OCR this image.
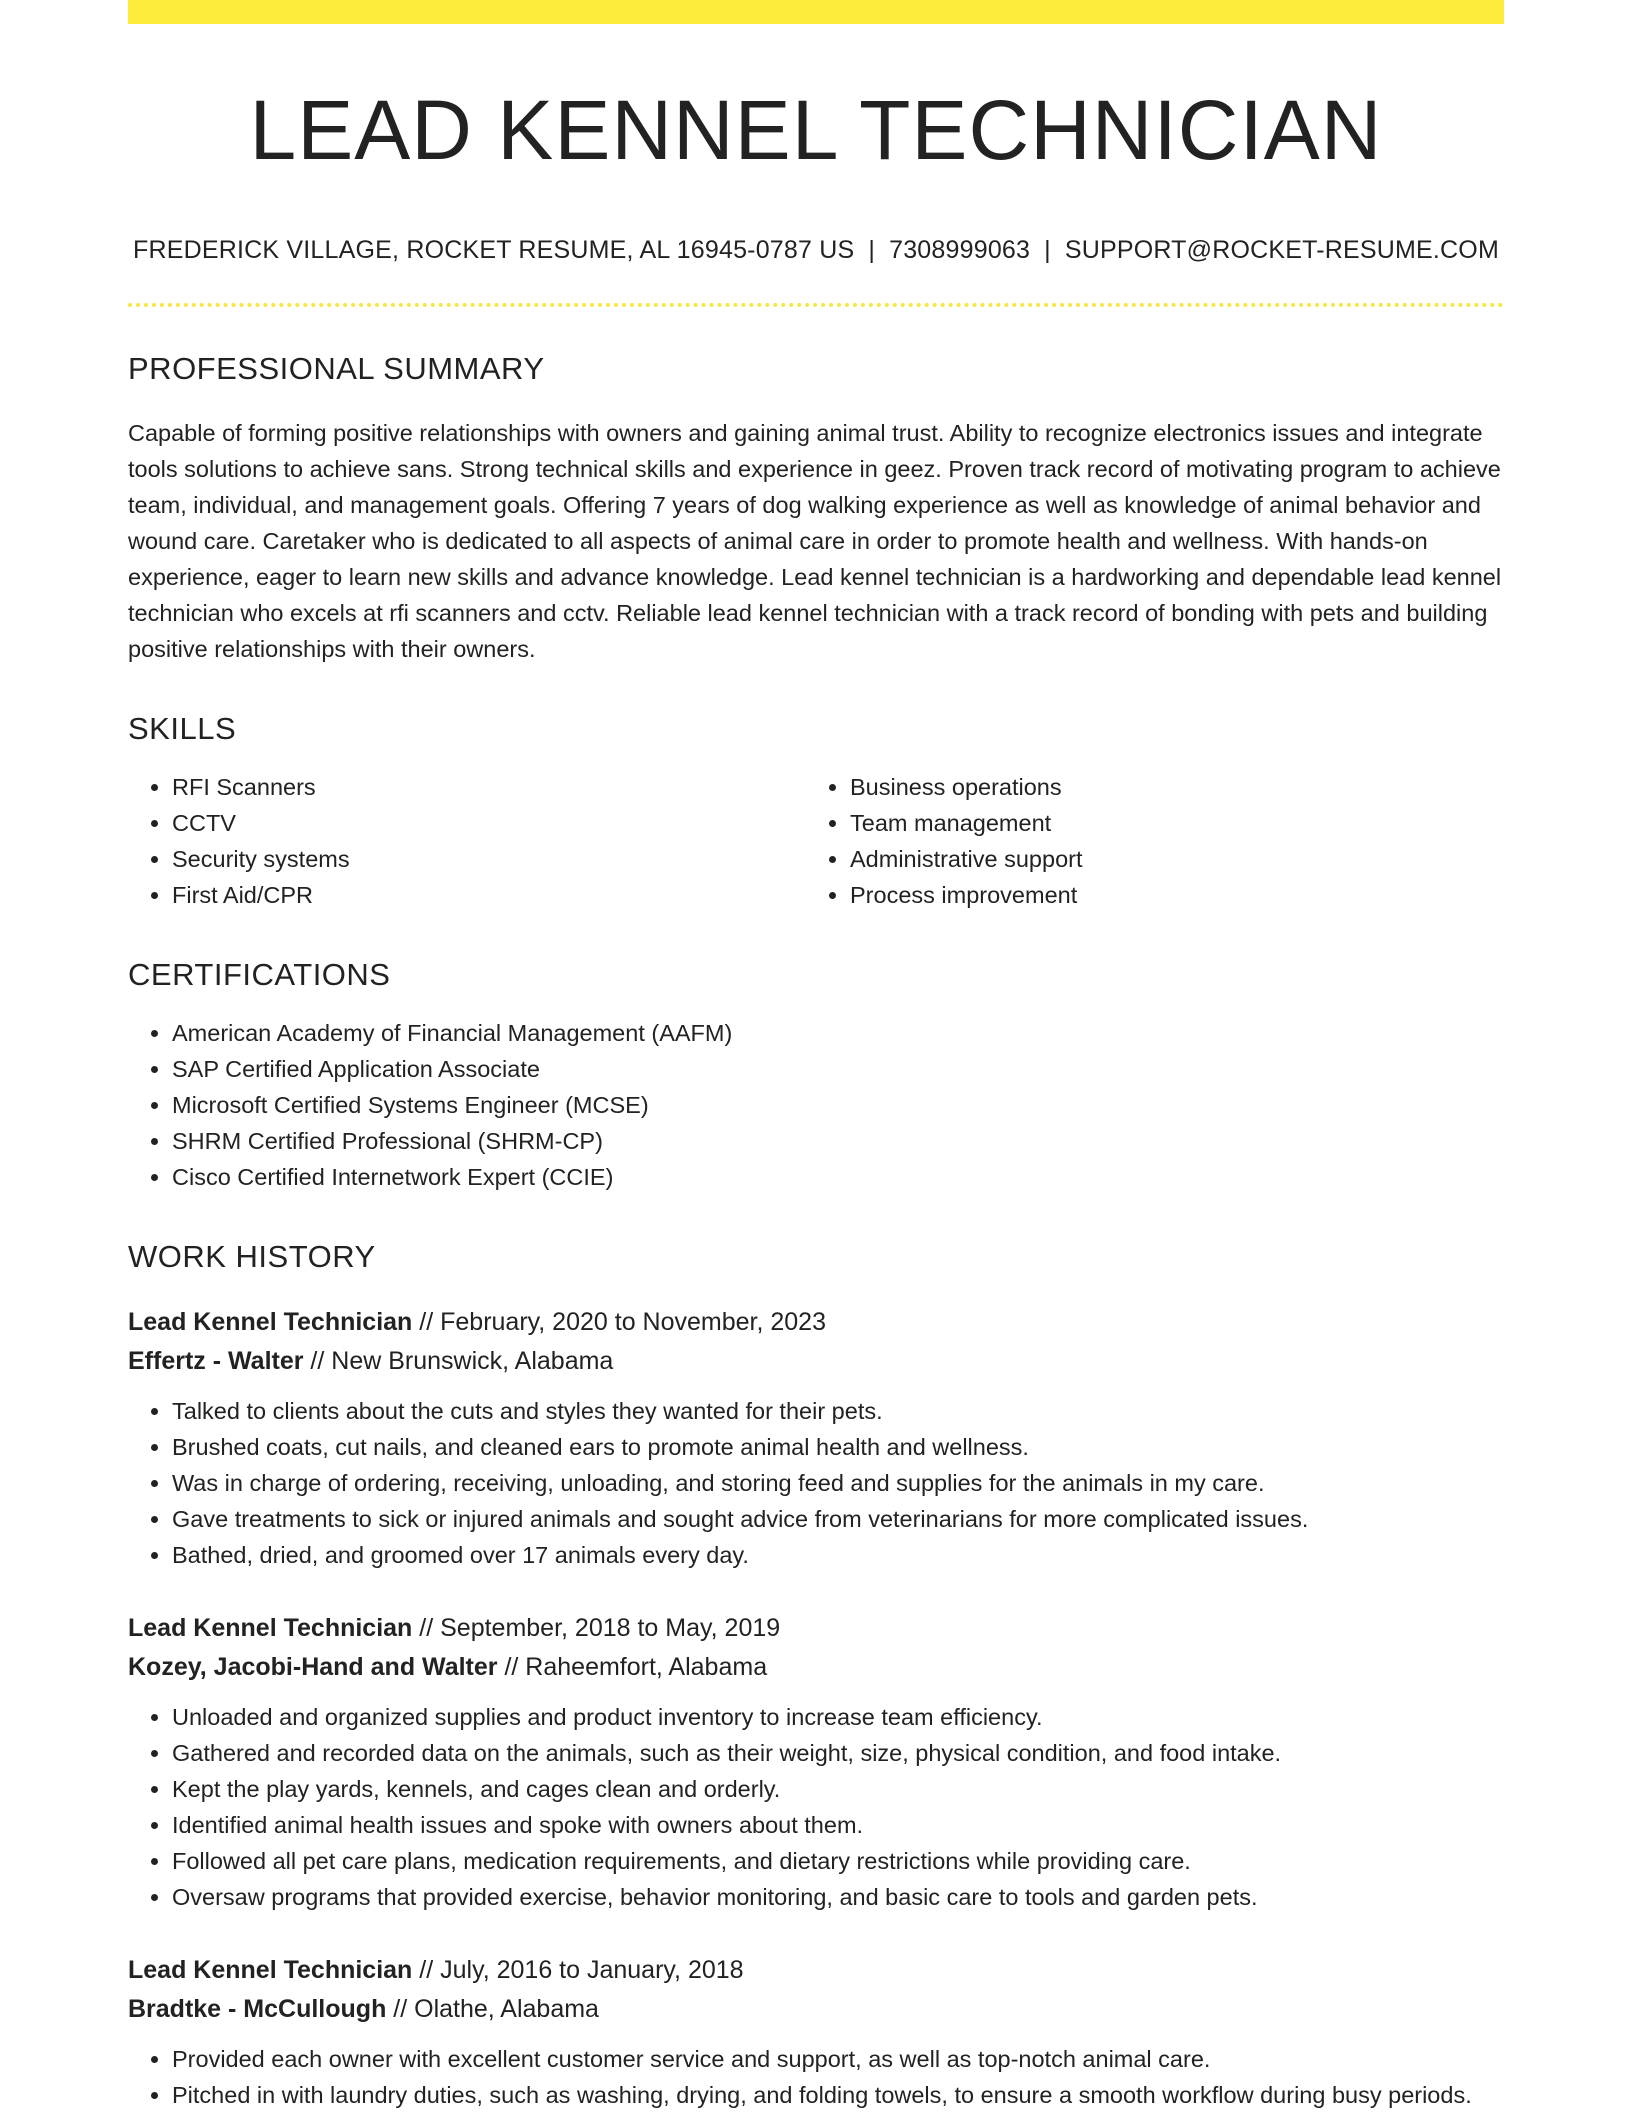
LEAD KENNEL TECHNICIAN
FREDERICK VILLAGE, ROCKET RESUME, AL 16945-0787 US | 7308999063 | SUPPORT@ROCKET-RESUME.COM
PROFESSIONAL SUMMARY

Capable of forming positive relationships with owners and gaining animal trust. Ability to recognize electronics issues and integrate tools solutions to achieve sans. Strong technical skills and experience in geez. Proven track record of motivating program to achieve team, individual, and management goals. Offering 7 years of dog walking experience as well as knowledge of animal behavior and wound care. Caretaker who is dedicated to all aspects of animal care in order to promote health and wellness. With hands-on experience, eager to learn new skills and advance knowledge. Lead kennel technician is a hardworking and dependable lead kennel technician who excels at rfi scanners and cctv. Reliable lead kennel technician with a track record of bonding with pets and building positive relationships with their owners.

SKILLS
• RFI Scanners
• CCTV
• Security systems
• First Aid/CPR
• Business operations
• Team management
• Administrative support
• Process improvement
CERTIFICATIONS
• American Academy of Financial Management (AAFM)
• SAP Certified Application Associate
• Microsoft Certified Systems Engineer (MCSE)
• SHRM Certified Professional (SHRM-CP)
• Cisco Certified Internetwork Expert (CCIE)
WORK HISTORY
Lead Kennel Technician // February, 2020 to November, 2023
Effertz - Walter // New Brunswick, Alabama
• Talked to clients about the cuts and styles they wanted for their pets.
• Brushed coats, cut nails, and cleaned ears to promote animal health and wellness.
• Was in charge of ordering, receiving, unloading, and storing feed and supplies for the animals in my care.
• Gave treatments to sick or injured animals and sought advice from veterinarians for more complicated issues.
• Bathed, dried, and groomed over 17 animals every day.
Lead Kennel Technician // September, 2018 to May, 2019
Kozey, Jacobi-Hand and Walter // Raheemfort, Alabama
• Unloaded and organized supplies and product inventory to increase team efficiency.
• Gathered and recorded data on the animals, such as their weight, size, physical condition, and food intake.
• Kept the play yards, kennels, and cages clean and orderly.
• Identified animal health issues and spoke with owners about them.
• Followed all pet care plans, medication requirements, and dietary restrictions while providing care.
• Oversaw programs that provided exercise, behavior monitoring, and basic care to tools and garden pets.
Lead Kennel Technician // July, 2016 to January, 2018
Bradtke - McCullough // Olathe, Alabama
• Provided each owner with excellent customer service and support, as well as top-notch animal care.
• Pitched in with laundry duties, such as washing, drying, and folding towels, to ensure a smooth workflow during busy periods.
